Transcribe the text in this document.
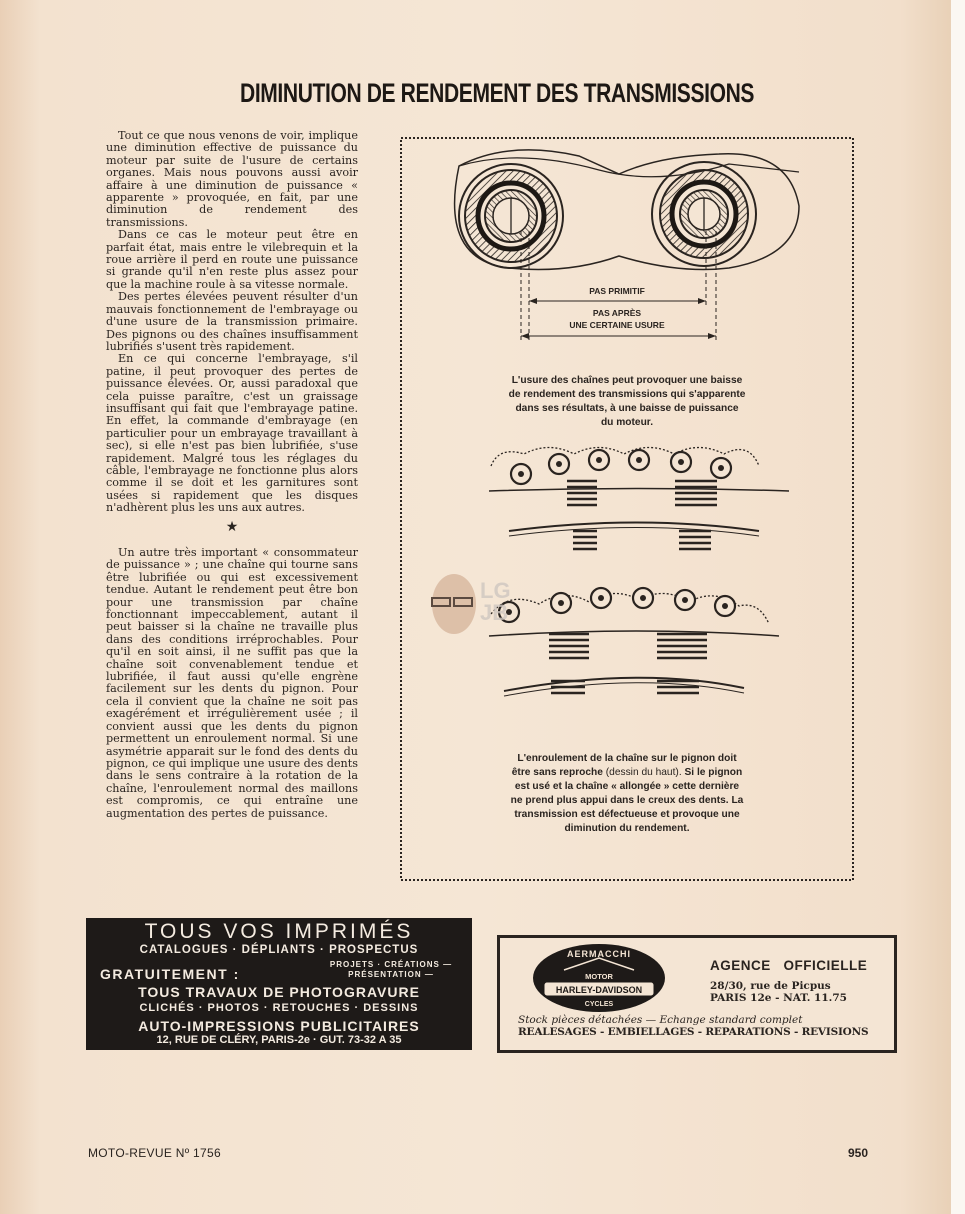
DIMINUTION DE RENDEMENT DES TRANSMISSIONS

Tout ce que nous venons de voir, implique une diminution effective de puissance du moteur par suite de l'usure de certains organes. Mais nous pouvons aussi avoir affaire à une diminution de puissance « apparente » provoquée, en fait, par une diminution de rendement des transmissions.

Dans ce cas le moteur peut être en parfait état, mais entre le vilebrequin et la roue arrière il perd en route une puissance si grande qu'il n'en reste plus assez pour que la machine roule à sa vitesse normale.

Des pertes élevées peuvent résulter d'un mauvais fonctionnement de l'embrayage ou d'une usure de la transmission primaire. Des pignons ou des chaînes insuffisamment lubrifiés s'usent très rapidement.

En ce qui concerne l'embrayage, s'il patine, il peut provoquer des pertes de puissance élevées. Or, aussi paradoxal que cela puisse paraître, c'est un graissage insuffisant qui fait que l'embrayage patine. En effet, la commande d'embrayage (en particulier pour un embrayage travaillant à sec), si elle n'est pas bien lubrifiée, s'use rapidement. Malgré tous les réglages du câble, l'embrayage ne fonctionne plus alors comme il se doit et les garnitures sont usées si rapidement que les disques n'adhèrent plus les uns aux autres.

★

Un autre très important « consommateur de puissance » ; une chaîne qui tourne sans être lubrifiée ou qui est excessivement tendue. Autant le rendement peut être bon pour une transmission par chaîne fonctionnant impeccablement, autant il peut baisser si la chaîne ne travaille plus dans des conditions irréprochables. Pour qu'il en soit ainsi, il ne suffit pas que la chaîne soit convenablement tendue et lubrifiée, il faut aussi qu'elle engrène facilement sur les dents du pignon. Pour cela il convient que la chaîne ne soit pas exagérément et irrégulièrement usée ; il convient aussi que les dents du pignon permettent un enroulement normal. Si une asymétrie apparait sur le fond des dents du pignon, ce qui implique une usure des dents dans le sens contraire à la rotation de la chaîne, l'enroulement normal des maillons est compromis, ce qui entraîne une augmentation des pertes de puissance.

PAS PRIMITIF
PAS APRÈS
UNE CERTAINE USURE
L'usure des chaînes peut provoquer une baisse
de rendement des transmissions qui s'apparente
dans ses résultats, à une baisse de puissance
du moteur.
L'enroulement de la chaîne sur le pignon doit
être sans reproche (dessin du haut). Si le pignon
est usé et la chaîne « allongée » cette dernière
ne prend plus appui dans le creux des dents. La
transmission est défectueuse et provoque une
diminution du rendement.
LG JB
TOUS VOS IMPRIMÉS
CATALOGUES · DÉPLIANTS · PROSPECTUS
GRATUITEMENT :
PROJETS · CRÉATIONS — PRÉSENTATION —
TOUS TRAVAUX DE PHOTOGRAVURE
CLICHÉS · PHOTOS · RETOUCHES · DESSINS
AUTO-IMPRESSIONS PUBLICITAIRES
12, RUE DE CLÉRY, PARIS-2e · GUT. 73-32 A 35
AERMACCHI
MOTOR
HARLEY-DAVIDSON
CYCLES
AGENCE   OFFICIELLE
28/30, rue de Picpus
PARIS 12e - NAT. 11.75
Stock pièces détachées — Echange standard complet
REALESAGES - EMBIELLAGES - REPARATIONS - REVISIONS
MOTO-REVUE Nº 1756	950
